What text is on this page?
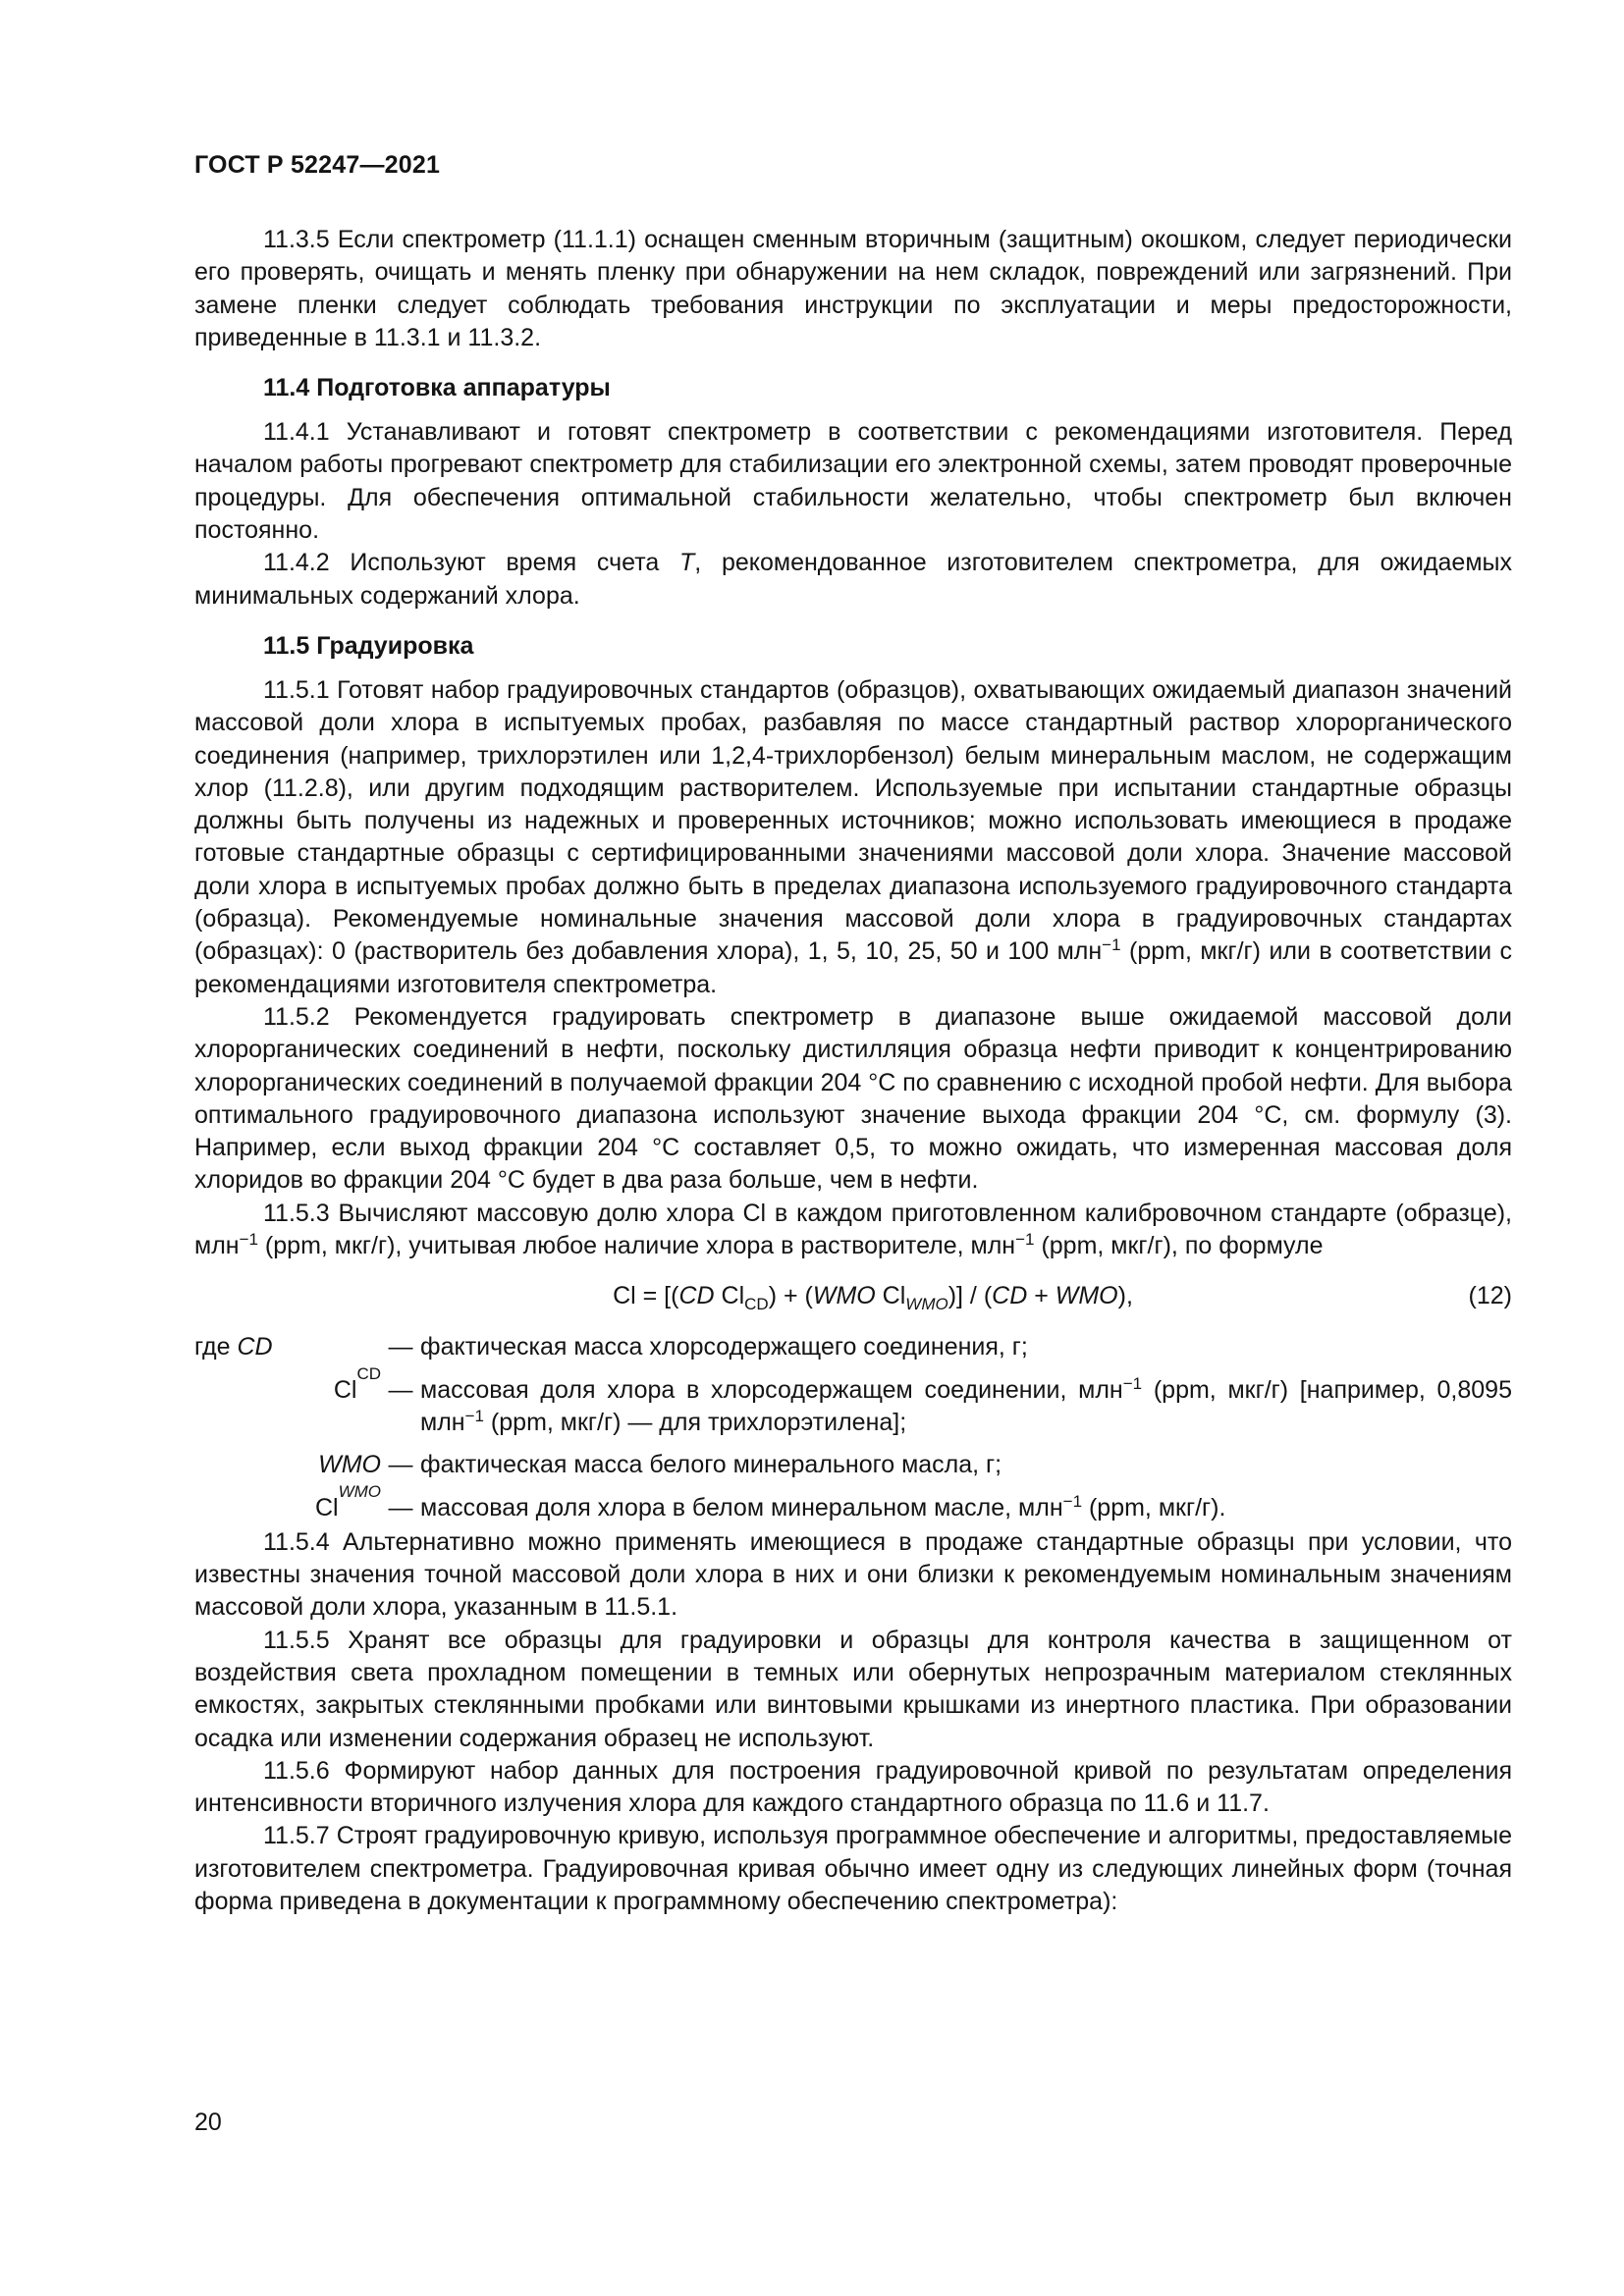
ГОСТ Р 52247—2021

11.3.5 Если спектрометр (11.1.1) оснащен сменным вторичным (защитным) окошком, следует периодически его проверять, очищать и менять пленку при обнаружении на нем складок, повреждений или загрязнений. При замене пленки следует соблюдать требования инструкции по эксплуатации и меры предосторожности, приведенные в 11.3.1 и 11.3.2.

11.4 Подготовка аппаратуры

11.4.1 Устанавливают и готовят спектрометр в соответствии с рекомендациями изготовителя. Перед началом работы прогревают спектрометр для стабилизации его электронной схемы, затем проводят проверочные процедуры. Для обеспечения оптимальной стабильности желательно, чтобы спектрометр был включен постоянно.

11.4.2 Используют время счета T, рекомендованное изготовителем спектрометра, для ожидаемых минимальных содержаний хлора.

11.5 Градуировка

11.5.1 Готовят набор градуировочных стандартов (образцов), охватывающих ожидаемый диапазон значений массовой доли хлора в испытуемых пробах, разбавляя по массе стандартный раствор хлорорганического соединения (например, трихлорэтилен или 1,2,4-трихлорбензол) белым минеральным маслом, не содержащим хлор (11.2.8), или другим подходящим растворителем. Используемые при испытании стандартные образцы должны быть получены из надежных и проверенных источников; можно использовать имеющиеся в продаже готовые стандартные образцы с сертифицированными значениями массовой доли хлора. Значение массовой доли хлора в испытуемых пробах должно быть в пределах диапазона используемого градуировочного стандарта (образца). Рекомендуемые номинальные значения массовой доли хлора в градуировочных стандартах (образцах): 0 (растворитель без добавления хлора), 1, 5, 10, 25, 50 и 100 млн$^{-1}$ (ppm, мкг/г) или в соответствии с рекомендациями изготовителя спектрометра.

11.5.2 Рекомендуется градуировать спектрометр в диапазоне выше ожидаемой массовой доли хлорорганических соединений в нефти, поскольку дистилляция образца нефти приводит к концентрированию хлорорганических соединений в получаемой фракции 204 °С по сравнению с исходной пробой нефти. Для выбора оптимального градуировочного диапазона используют значение выхода фракции 204 °С, см. формулу (3). Например, если выход фракции 204 °С составляет 0,5, то можно ожидать, что измеренная массовая доля хлоридов во фракции 204 °С будет в два раза больше, чем в нефти.

11.5.3 Вычисляют массовую долю хлора Cl в каждом приготовленном калибровочном стандарте (образце), млн$^{-1}$ (ppm, мкг/г), учитывая любое наличие хлора в растворителе, млн$^{-1}$ (ppm, мкг/г), по формуле

Cl = [(CD $Cl_{CD}) + (WMO$ $Cl_{WMO})] / (CD + WMO)$,	(12)
где
CD	— фактическая масса хлорсодержащего соединения, г;
Cl
CD
— массовая доля хлора в хлорсодержащем соединении, млн$^{-1}$ (ppm, мкг/г) [например, 0,8095 млн$^{-1}$ (ppm, мкг/г) — для трихлорэтилена];
WMO — фактическая масса белого минерального масла, г;
Cl
WMO
— массовая доля хлора в белом минеральном масле, млн$^{-1}$ (ppm, мкг/г).

11.5.4 Альтернативно можно применять имеющиеся в продаже стандартные образцы при условии, что известны значения точной массовой доли хлора в них и они близки к рекомендуемым номинальным значениям массовой доли хлора, указанным в 11.5.1.

11.5.5 Хранят все образцы для градуировки и образцы для контроля качества в защищенном от воздействия света прохладном помещении в темных или обернутых непрозрачным материалом стеклянных емкостях, закрытых стеклянными пробками или винтовыми крышками из инертного пластика. При образовании осадка или изменении содержания образец не используют.

11.5.6 Формируют набор данных для построения градуировочной кривой по результатам определения интенсивности вторичного излучения хлора для каждого стандартного образца по 11.6 и 11.7.

11.5.7 Строят градуировочную кривую, используя программное обеспечение и алгоритмы, предоставляемые изготовителем спектрометра. Градуировочная кривая обычно имеет одну из следующих линейных форм (точная форма приведена в документации к программному обеспечению спектрометра):

20
